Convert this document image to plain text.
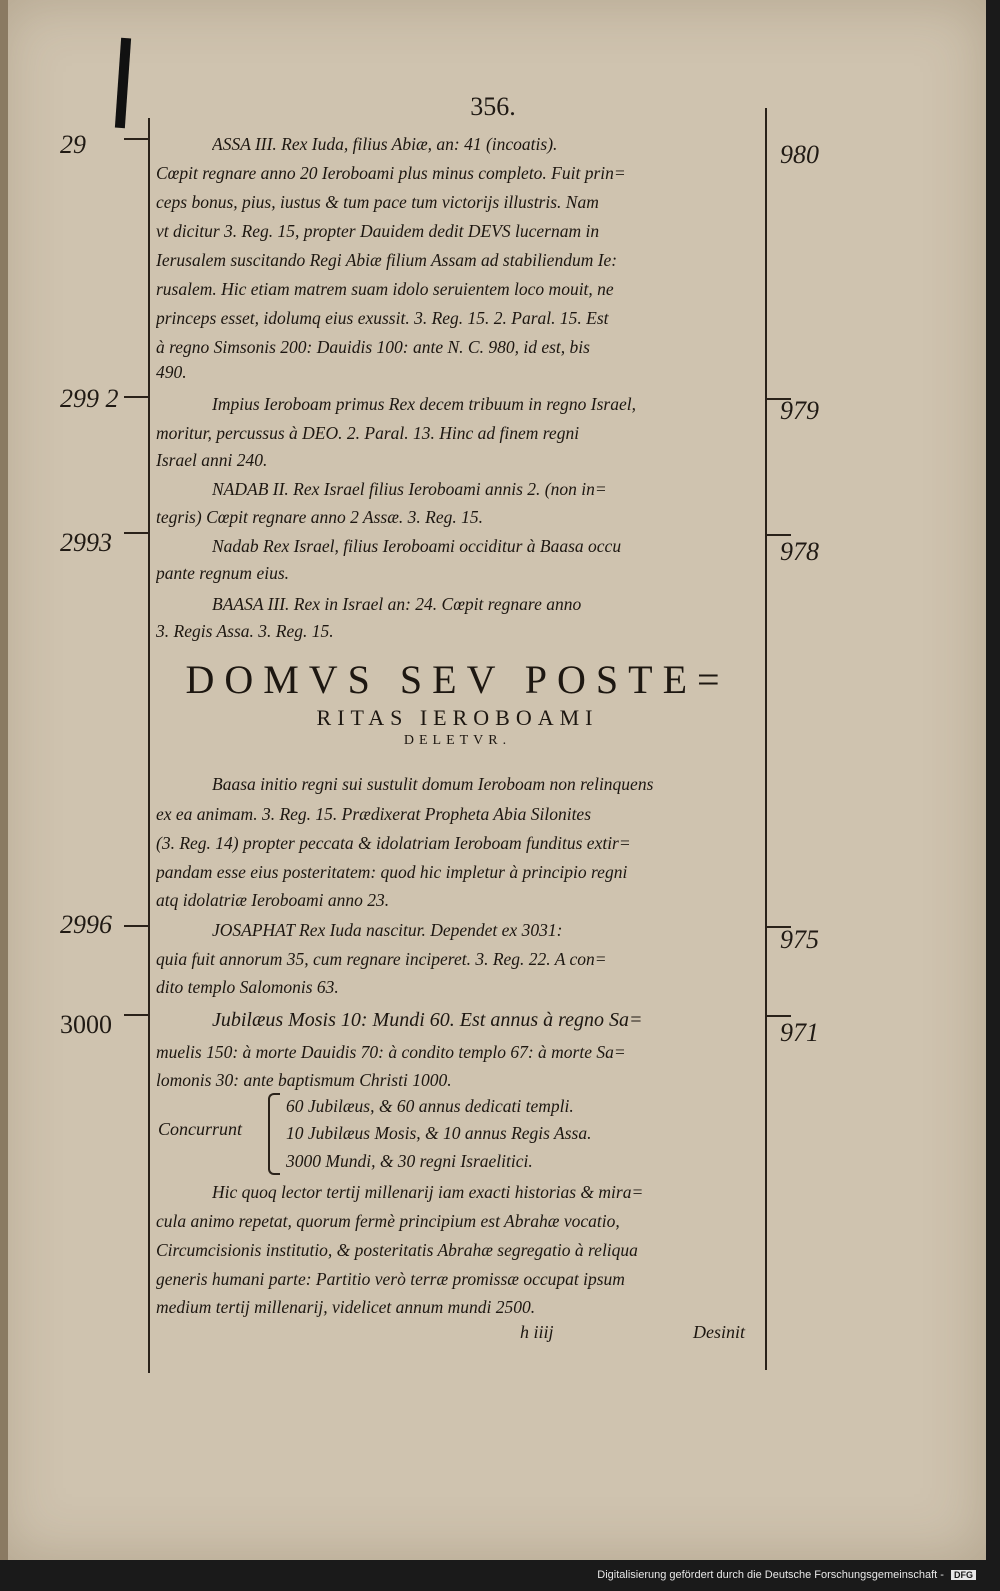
356.
29
299 2
2993
2996
3000
980
979
978
975
971
ASSA III. Rex Iuda, filius Abiæ, an: 41 (incoatis).
Cœpit regnare anno 20 Ieroboami plus minus completo. Fuit prin=
ceps bonus, pius, iustus & tum pace tum victorijs illustris. Nam
vt dicitur 3. Reg. 15, propter Dauidem dedit DEVS lucernam in
Ierusalem suscitando Regi Abiæ filium Assam ad stabiliendum Ie:
rusalem. Hic etiam matrem suam idolo seruientem loco mouit, ne
princeps esset, idolumq eius exussit. 3. Reg. 15. 2. Paral. 15. Est
à regno Simsonis 200: Dauidis 100: ante N. C. 980, id est, bis
490.
Impius Ieroboam primus Rex decem tribuum in regno Israel,
moritur, percussus à DEO. 2. Paral. 13. Hinc ad finem regni
Israel anni 240.
NADAB II. Rex Israel filius Ieroboami annis 2. (non in=
tegris) Cœpit regnare anno 2 Assæ. 3. Reg. 15.
Nadab Rex Israel, filius Ieroboami occiditur à Baasa occu
pante regnum eius.
BAASA III. Rex in Israel an: 24. Cœpit regnare anno
3. Regis Assa. 3. Reg. 15.
DOMVS SEV POSTE=
RITAS IEROBOAMI
DELETVR.
Baasa initio regni sui sustulit domum Ieroboam non relinquens
ex ea animam. 3. Reg. 15. Prædixerat Propheta Abia Silonites
(3. Reg. 14) propter peccata & idolatriam Ieroboam funditus extir=
pandam esse eius posteritatem: quod hic impletur à principio regni
atq idolatriæ Ieroboami anno 23.
JOSAPHAT Rex Iuda nascitur. Dependet ex 3031:
quia fuit annorum 35, cum regnare inciperet. 3. Reg. 22. A con=
dito templo Salomonis 63.
Jubilæus Mosis 10: Mundi 60. Est annus à regno Sa=
muelis 150: à morte Dauidis 70: à condito templo 67: à morte Sa=
lomonis 30: ante baptismum Christi 1000.
Concurrunt
60 Jubilæus, & 60 annus dedicati templi.
10 Jubilæus Mosis, & 10 annus Regis Assa.
3000 Mundi, & 30 regni Israelitici.
Hic quoq lector tertij millenarij iam exacti historias & mira=
cula animo repetat, quorum fermè principium est Abrahæ vocatio,
Circumcisionis institutio, & posteritatis Abrahæ segregatio à reliqua
generis humani parte: Partitio verò terræ promissæ occupat ipsum
medium tertij millenarij, videlicet annum mundi 2500.
h iiij	Desinit
Digitalisierung gefördert durch die Deutsche Forschungsgemeinschaft - DFG
